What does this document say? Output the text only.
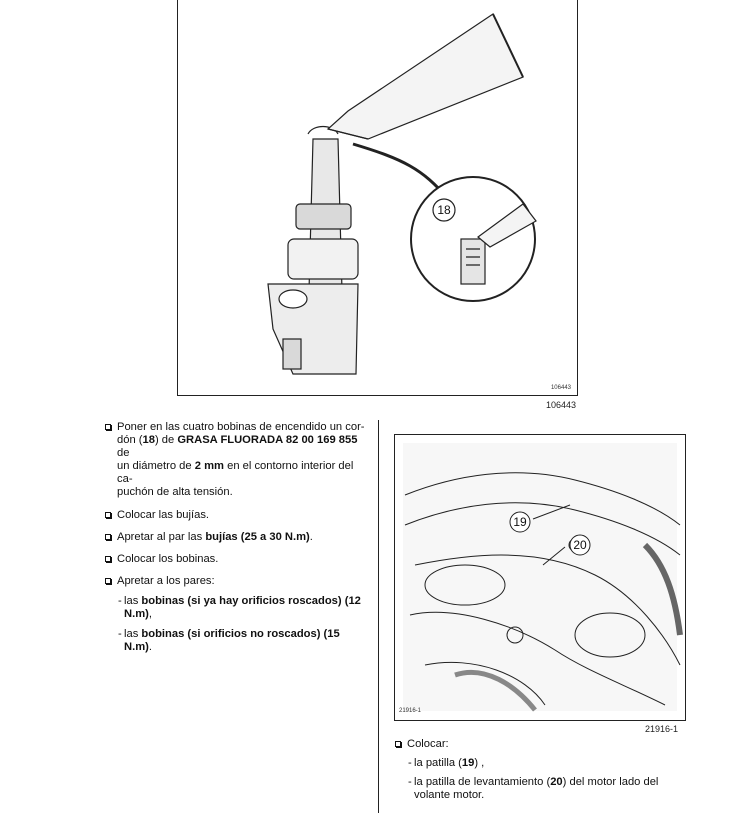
18
106443
106443
19
20
21916-1
21916-1
Poner en las cuatro bobinas de encendido un cor-
dón (18) de GRASA FLUORADA 82 00 169 855 de
un diámetro de 2 mm en el contorno interior del ca-
puchón de alta tensión.
Colocar las bujías.
Apretar al par las bujías (25 a 30 N.m).
Colocar los bobinas.
Apretar a los pares:
- las bobinas (si ya hay orificios roscados) (12
N.m),
- las bobinas (si orificios no roscados) (15 N.m).
Colocar:
- la patilla (19) ,
- la patilla de levantamiento (20) del motor lado del
volante motor.
